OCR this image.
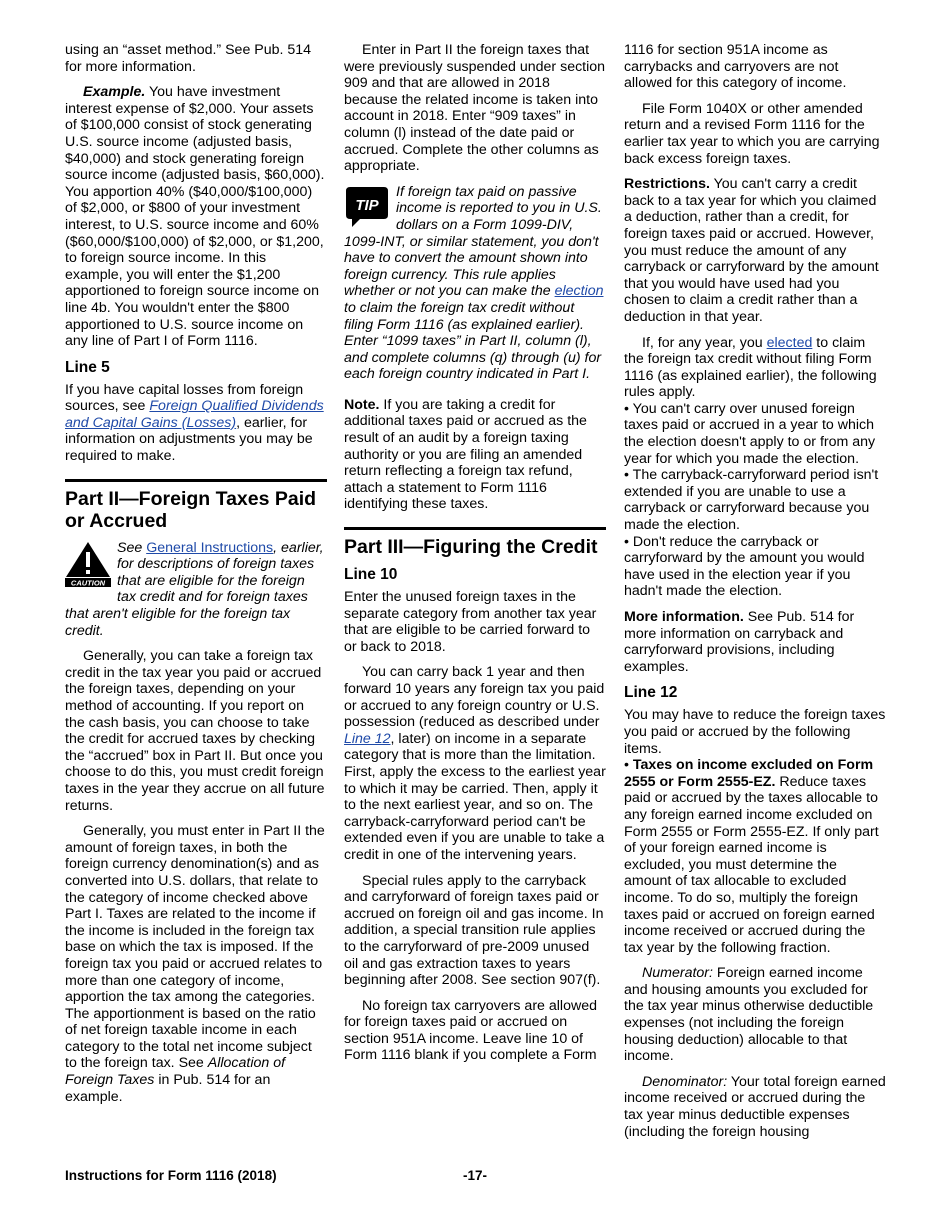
using an “asset method.” See Pub. 514 for more information.

Example. You have investment interest expense of $2,000. Your assets of $100,000 consist of stock generating U.S. source income (adjusted basis, $40,000) and stock generating foreign source income (adjusted basis, $60,000). You apportion 40% ($40,000/$100,000) of $2,000, or $800 of your investment interest, to U.S. source income and 60% ($60,000/$100,000) of $2,000, or $1,200, to foreign source income. In this example, you will enter the $1,200 apportioned to foreign source income on line 4b. You wouldn't enter the $800 apportioned to U.S. source income on any line of Part I of Form 1116.

Line 5

If you have capital losses from foreign sources, see Foreign Qualified Dividends and Capital Gains (Losses), earlier, for information on adjustments you may be required to make.

Part II—Foreign Taxes Paid or Accrued
CAUTION
See General Instructions, earlier, for descriptions of foreign taxes that are eligible for the foreign tax credit and for foreign taxes that aren't eligible for the foreign tax credit.

Generally, you can take a foreign tax credit in the tax year you paid or accrued the foreign taxes, depending on your method of accounting. If you report on the cash basis, you can choose to take the credit for accrued taxes by checking the “accrued” box in Part II. But once you choose to do this, you must credit foreign taxes in the year they accrue on all future returns.

Generally, you must enter in Part II the amount of foreign taxes, in both the foreign currency denomination(s) and as converted into U.S. dollars, that relate to the category of income checked above Part I. Taxes are related to the income if the income is included in the foreign tax base on which the tax is imposed. If the foreign tax you paid or accrued relates to more than one category of income, apportion the tax among the categories. The apportionment is based on the ratio of net foreign taxable income in each category to the total net income subject to the foreign tax. See Allocation of Foreign Taxes in Pub. 514 for an example.

Enter in Part II the foreign taxes that were previously suspended under section 909 and that are allowed in 2018 because the related income is taken into account in 2018. Enter “909 taxes” in column (l) instead of the date paid or accrued. Complete the other columns as appropriate.

TIP
If foreign tax paid on passive income is reported to you in U.S. dollars on a Form 1099-DIV, 1099-INT, or similar statement, you don't have to convert the amount shown into foreign currency. This rule applies whether or not you can make the election to claim the foreign tax credit without filing Form 1116 (as explained earlier). Enter “1099 taxes” in Part II, column (l), and complete columns (q) through (u) for each foreign country indicated in Part I.

Note. If you are taking a credit for additional taxes paid or accrued as the result of an audit by a foreign taxing authority or you are filing an amended return reflecting a foreign tax refund, attach a statement to Form 1116 identifying these taxes.

Part III—Figuring the Credit
Line 10

Enter the unused foreign taxes in the separate category from another tax year that are eligible to be carried forward to or back to 2018.

You can carry back 1 year and then forward 10 years any foreign tax you paid or accrued to any foreign country or U.S. possession (reduced as described under Line 12, later) on income in a separate category that is more than the limitation. First, apply the excess to the earliest year to which it may be carried. Then, apply it to the next earliest year, and so on. The carryback-carryforward period can't be extended even if you are unable to take a credit in one of the intervening years.

Special rules apply to the carryback and carryforward of foreign taxes paid or accrued on foreign oil and gas income. In addition, a special transition rule applies to the carryforward of pre-2009 unused oil and gas extraction taxes to years beginning after 2008. See section 907(f).

No foreign tax carryovers are allowed for foreign taxes paid or accrued on section 951A income. Leave line 10 of Form 1116 blank if you complete a Form

1116 for section 951A income as carrybacks and carryovers are not allowed for this category of income.

File Form 1040X or other amended return and a revised Form 1116 for the earlier tax year to which you are carrying back excess foreign taxes.

Restrictions. You can't carry a credit back to a tax year for which you claimed a deduction, rather than a credit, for foreign taxes paid or accrued. However, you must reduce the amount of any carryback or carryforward by the amount that you would have used had you chosen to claim a credit rather than a deduction in that year.

If, for any year, you elected to claim the foreign tax credit without filing Form 1116 (as explained earlier), the following rules apply.

• You can't carry over unused foreign taxes paid or accrued in a year to which the election doesn't apply to or from any year for which you made the election.

• The carryback-carryforward period isn't extended if you are unable to use a carryback or carryforward because you made the election.

• Don't reduce the carryback or carryforward by the amount you would have used in the election year if you hadn't made the election.

More information. See Pub. 514 for more information on carryback and carryforward provisions, including examples.

Line 12

You may have to reduce the foreign taxes you paid or accrued by the following items.

• Taxes on income excluded on Form 2555 or Form 2555-EZ. Reduce taxes paid or accrued by the taxes allocable to any foreign earned income excluded on Form 2555 or Form 2555-EZ. If only part of your foreign earned income is excluded, you must determine the amount of tax allocable to excluded income. To do so, multiply the foreign taxes paid or accrued on foreign earned income received or accrued during the tax year by the following fraction.

Numerator: Foreign earned income and housing amounts you excluded for the tax year minus otherwise deductible expenses (not including the foreign housing deduction) allocable to that income.

Denominator: Your total foreign earned income received or accrued during the tax year minus deductible expenses (including the foreign housing

-17-
Instructions for Form 1116 (2018)
